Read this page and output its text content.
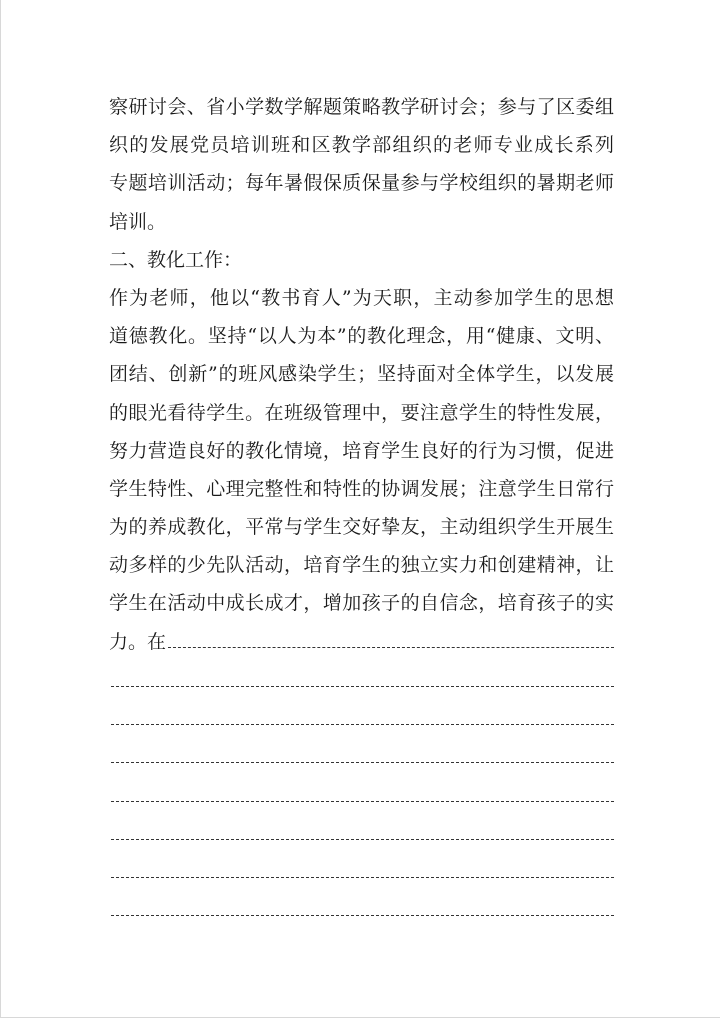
察研讨会、省小学数学解题策略教学研讨会；参与了区委组
织的发展党员培训班和区教学部组织的老师专业成长系列
专题培训活动；每年暑假保质保量参与学校组织的暑期老师
培训。
二、教化工作：
作为老师，他以“教书育人”为天职，主动参加学生的思想
道德教化。坚持“以人为本”的教化理念，用“健康、文明、
团结、创新”的班风感染学生；坚持面对全体学生，以发展
的眼光看待学生。在班级管理中，要注意学生的特性发展，
努力营造良好的教化情境，培育学生良好的行为习惯，促进
学生特性、心理完整性和特性的协调发展；注意学生日常行
为的养成教化，平常与学生交好挚友，主动组织学生开展生
动多样的少先队活动，培育学生的独立实力和创建精神，让
学生在活动中成长成才，增加孩子的自信念，培育孩子的实
力。在
